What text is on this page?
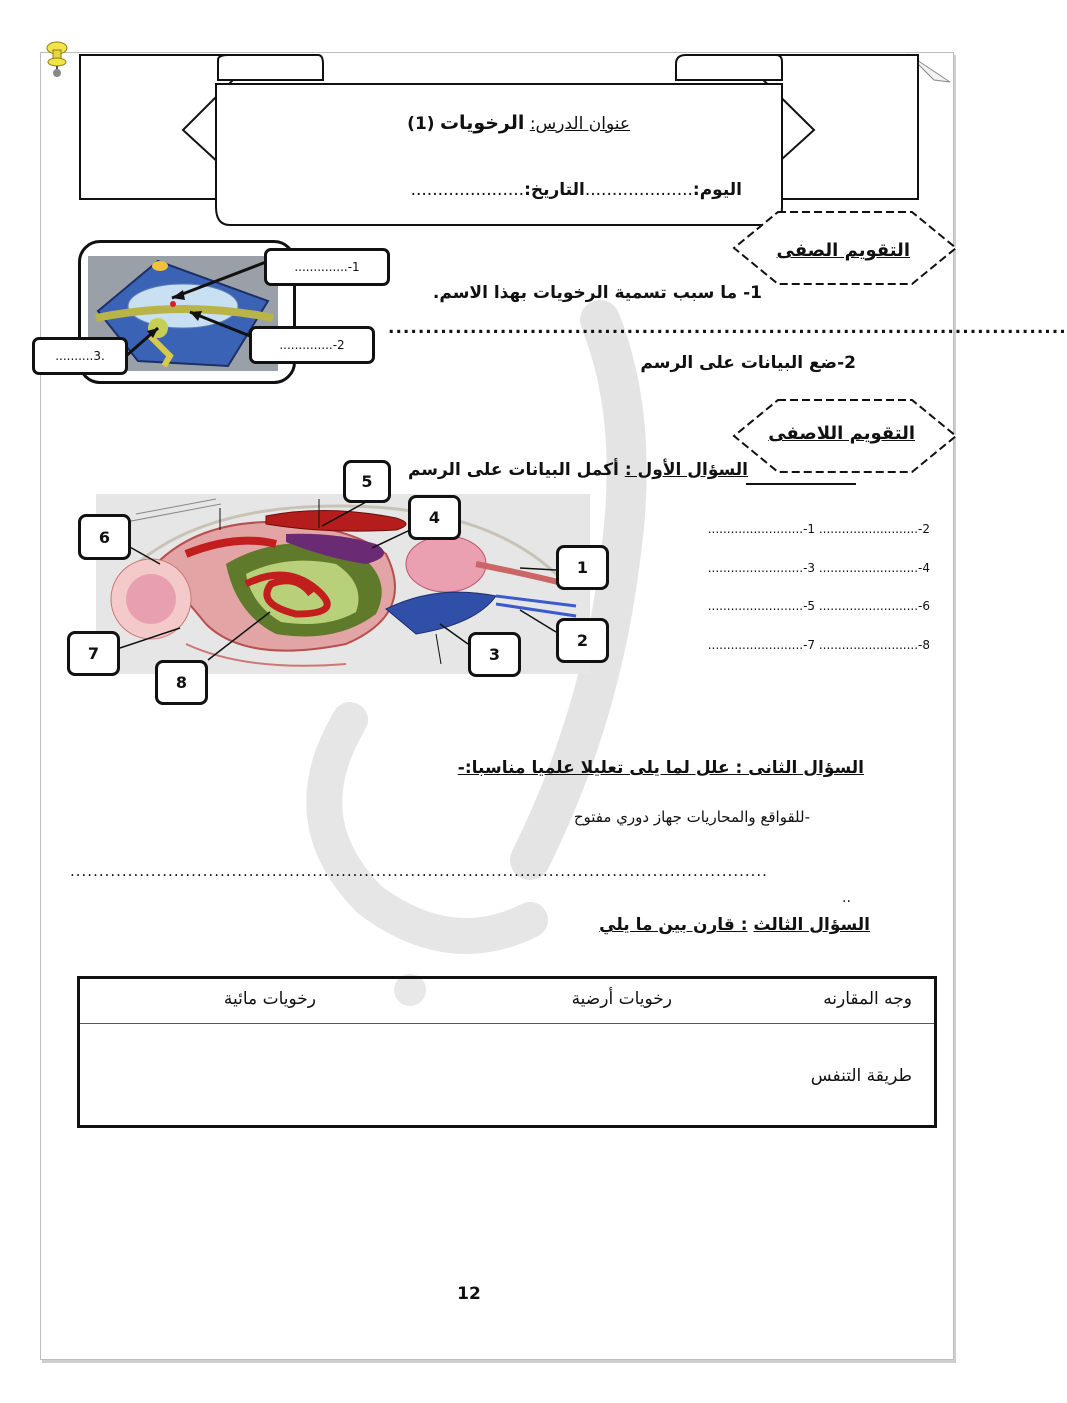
عنوان الدرس: الرخويات (1)
اليوم:....................التاريخ:.....................
التقويم الصفى
..............-1
..............-2
..........3.
1- ما سبب تسمية الرخويات بهذا الاسم.
...........................................................................................
2-ضع البيانات على الرسم
التقويم اللاصفى
السؤال الأول : أكمل البيانات على الرسم
1
2
3
4
5
6
7
8
.........................-1 ..........................-2
.........................-3 ..........................-4
.........................-5 ..........................-6
.........................-7 ..........................-8
السؤال الثانى : علل لما يلى تعليلا علميا مناسبا:-
-للقواقع والمحاريات جهاز دوري مفتوح
.........................................................................................................................
..
السؤال الثالث : قارن بين ما يلي
وجه المقارنه
رخويات أرضية
رخويات مائية
طريقة التنفس
12
